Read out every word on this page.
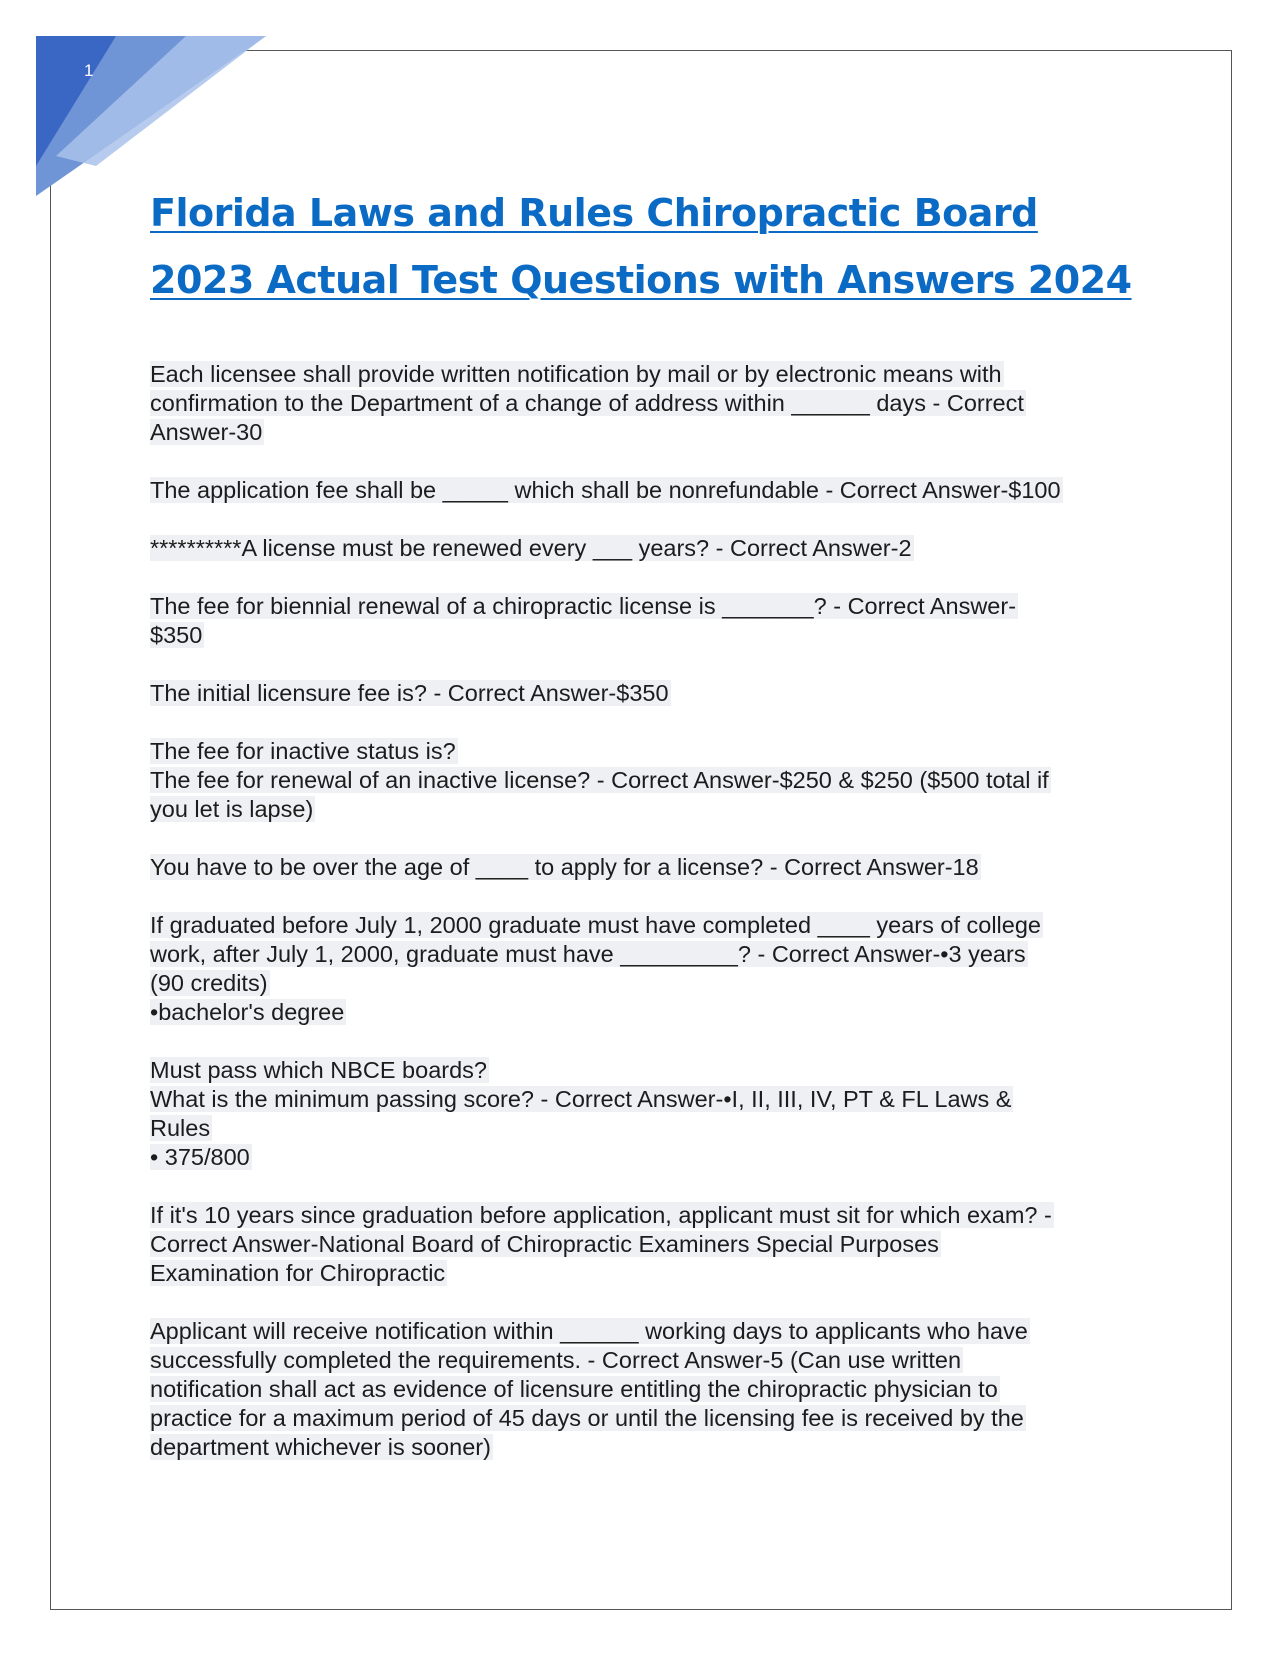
1
Florida Laws and Rules Chiropractic Board
2023 Actual Test Questions with Answers 2024
Each licensee shall provide written notification by mail or by electronic means with
confirmation to the Department of a change of address within ______ days - Correct
Answer-30
The application fee shall be _____ which shall be nonrefundable - Correct Answer-$100
**********A license must be renewed every ___ years? - Correct Answer-2
The fee for biennial renewal of a chiropractic license is _______? - Correct Answer-
$350
The initial licensure fee is? - Correct Answer-$350
The fee for inactive status is?
The fee for renewal of an inactive license? - Correct Answer-$250 & $250 ($500 total if
you let is lapse)
You have to be over the age of ____ to apply for a license? - Correct Answer-18
If graduated before July 1, 2000 graduate must have completed ____ years of college
work, after July 1, 2000, graduate must have _________? - Correct Answer-•3 years
(90 credits)
•bachelor's degree
Must pass which NBCE boards?
What is the minimum passing score? - Correct Answer-•I, II, III, IV, PT & FL Laws &
Rules
• 375/800
If it's 10 years since graduation before application, applicant must sit for which exam? -
Correct Answer-National Board of Chiropractic Examiners Special Purposes
Examination for Chiropractic
Applicant will receive notification within ______ working days to applicants who have
successfully completed the requirements. - Correct Answer-5 (Can use written
notification shall act as evidence of licensure entitling the chiropractic physician to
practice for a maximum period of 45 days or until the licensing fee is received by the
department whichever is sooner)
